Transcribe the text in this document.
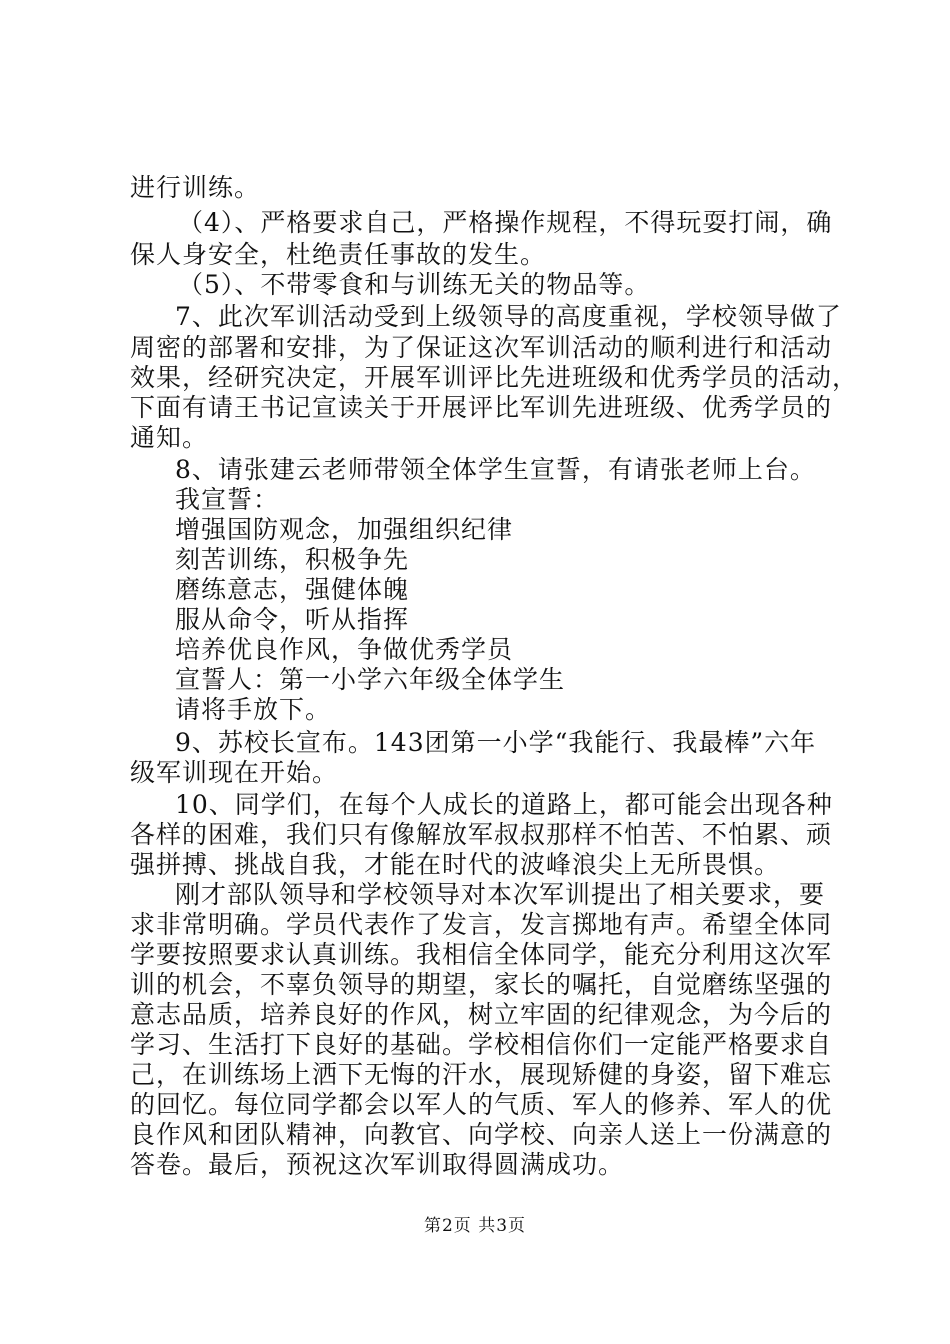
进行训练。
（4）、严格要求自己，严格操作规程，不得玩耍打闹，确
保人身安全，杜绝责任事故的发生。
（5）、不带零食和与训练无关的物品等。
7、此次军训活动受到上级领导的高度重视，学校领导做了
周密的部署和安排，为了保证这次军训活动的顺利进行和活动
效果，经研究决定，开展军训评比先进班级和优秀学员的活动，
下面有请王书记宣读关于开展评比军训先进班级、优秀学员的
通知。
8、请张建云老师带领全体学生宣誓，有请张老师上台。
我宣誓：
增强国防观念，加强组织纪律
刻苦训练，积极争先
磨练意志，强健体魄
服从命令，听从指挥
培养优良作风，争做优秀学员
宣誓人：第一小学六年级全体学生
请将手放下。
9、苏校长宣布。143团第一小学“我能行、我最棒”六年
级军训现在开始。
10、同学们，在每个人成长的道路上，都可能会出现各种
各样的困难，我们只有像解放军叔叔那样不怕苦、不怕累、顽
强拼搏、挑战自我，才能在时代的波峰浪尖上无所畏惧。
刚才部队领导和学校领导对本次军训提出了相关要求，要
求非常明确。学员代表作了发言，发言掷地有声。希望全体同
学要按照要求认真训练。我相信全体同学，能充分利用这次军
训的机会，不辜负领导的期望，家长的嘱托，自觉磨练坚强的
意志品质，培养良好的作风，树立牢固的纪律观念，为今后的
学习、生活打下良好的基础。学校相信你们一定能严格要求自
己，在训练场上洒下无悔的汗水，展现矫健的身姿，留下难忘
的回忆。每位同学都会以军人的气质、军人的修养、军人的优
良作风和团队精神，向教官、向学校、向亲人送上一份满意的
答卷。最后，预祝这次军训取得圆满成功。
第2页 共3页
